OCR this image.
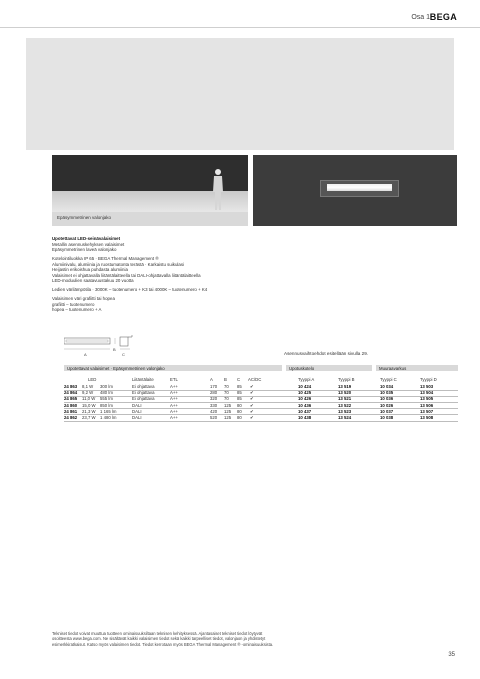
Osa 1 BEGA
Epäsymmetrinen valonjako

Upotettavat LED-seinävalaisimet
Metallin asennuskehyksen valaisimet
Epäsymmetrinen laveä valonjako

Kotelointiluokka IP 65 · BEGA Thermal Management ®
Alumiinivalu, alumiinia ja ruostumatonta terästä · Karkaistu suikulasi
Heijastin erikoishua puhdasta alumiinia
Valaisimet ei ohjattavalla liitäntälaitteella tai DALI-ohjattavalla liitäntälaitteella
LED-moduulien saatavuustakuu 20 vuotta

Ledien värilämpötila · 3000K – tuotenumero + K3 tai 4000K – tuotenumero + K4

Valaisimen väri grafiitti tai hopea
grafiitti – tuotenumero
hopea – tuotenumero + A

A
B
C	Asennusvaihtoehdot esitellään sivulla 29.
Upotettavat valaisimet · Epäsymmetrinen valonjako	Upotuskotelo	Muuraavarkus
LED	Liitäntälaite	ETL	A	B C AC/DC	Tyyppi A	Tyyppi B	Tyyppi C	Tyyppi D
24 863 8,1 W 300 lm	Ei ohjattava	A++	170 70 85 ✔	10 424	13 519	10 034	13 503
24 864 9,2 W 480 lm	Ei ohjattava	A++	280 70 85 ✔	10 425	13 520	10 035	13 504
24 865 11,0 W 555 lm	Ei ohjattava	A++	320 70 85 ✔	10 426	13 521	10 036	13 505
24 860 15,0 W 850 lm	DALI	A++	330 125 80 ✔	10 436	13 522	10 026	13 506
24 861 21,3 W 1 165 lm	DALI	A++	420 125 80 ✔	10 437	13 523	10 037	13 507
24 862 23,7 W 1 480 lm	DALI	A++	520 125 80 ✔	10 438	13 524	10 038	13 508
Tekniset tiedot voivat muuttua tuotteen ominaisuuksiltaan teknisen kehityksessä. Ajantasaiset tekniset tiedot löytyvät
osoitteesta www.bega.com. Ne sisältävät kaikki valaisimen tiedot sekä kaikki tarpeelliset tiedot, valonjaon ja yhdistetyt
esimerkkiratkaisut. Katso myös valaisimen tiedot. Tiedot kerrotaan myös BEGA Thermal Management ® -ominaisuuksista.
35
